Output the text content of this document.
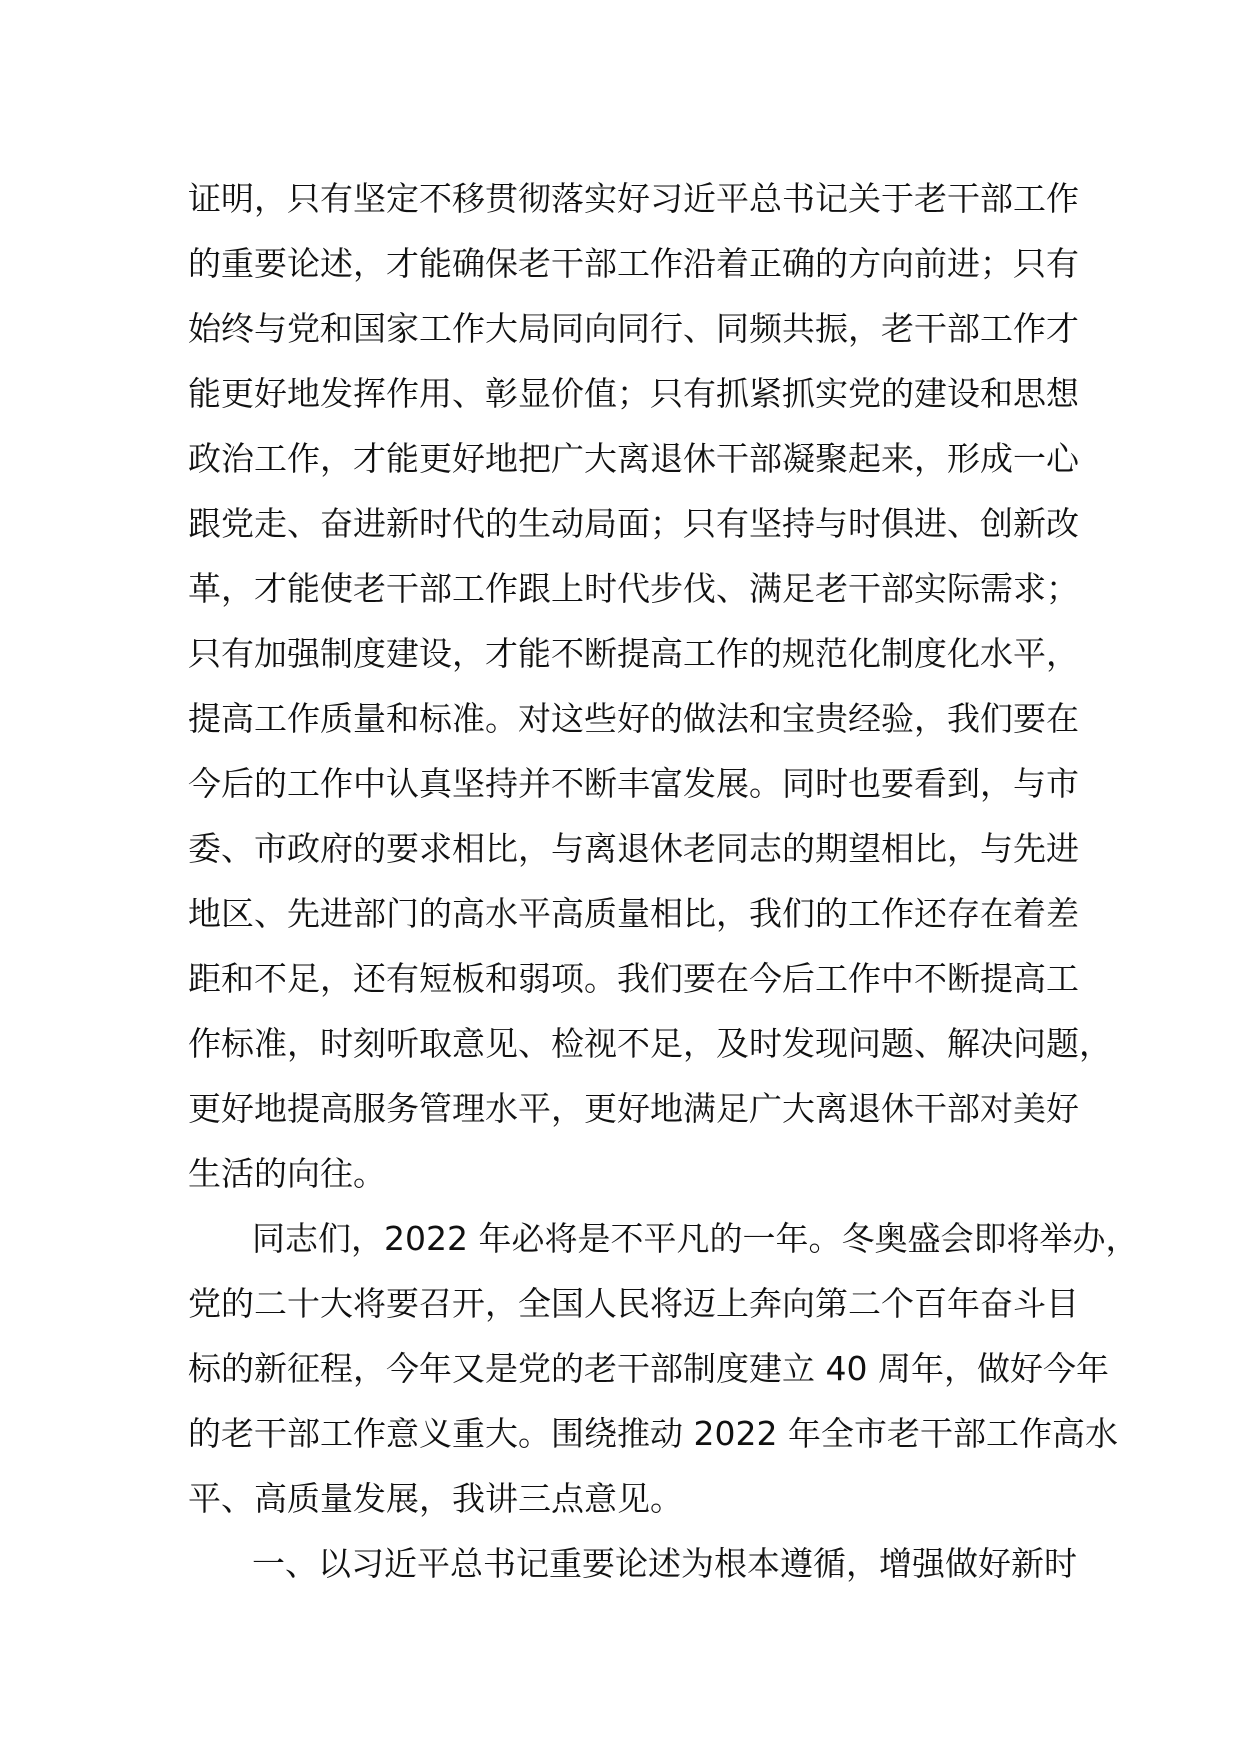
证明，只有坚定不移贯彻落实好习近平总书记关于老干部工作
的重要论述，才能确保老干部工作沿着正确的方向前进；只有
始终与党和国家工作大局同向同行、同频共振，老干部工作才
能更好地发挥作用、彰显价值；只有抓紧抓实党的建设和思想
政治工作，才能更好地把广大离退休干部凝聚起来，形成一心
跟党走、奋进新时代的生动局面；只有坚持与时俱进、创新改
革，才能使老干部工作跟上时代步伐、满足老干部实际需求；
只有加强制度建设，才能不断提高工作的规范化制度化水平，
提高工作质量和标准。对这些好的做法和宝贵经验，我们要在
今后的工作中认真坚持并不断丰富发展。同时也要看到，与市
委、市政府的要求相比，与离退休老同志的期望相比，与先进
地区、先进部门的高水平高质量相比，我们的工作还存在着差
距和不足，还有短板和弱项。我们要在今后工作中不断提高工
作标准，时刻听取意见、检视不足，及时发现问题、解决问题，
更好地提高服务管理水平，更好地满足广大离退休干部对美好
生活的向往。
同志们，2022 年必将是不平凡的一年。冬奥盛会即将举办，
党的二十大将要召开，全国人民将迈上奔向第二个百年奋斗目
标的新征程，今年又是党的老干部制度建立 40 周年，做好今年
的老干部工作意义重大。围绕推动 2022 年全市老干部工作高水
平、高质量发展，我讲三点意见。
一、以习近平总书记重要论述为根本遵循，增强做好新时
